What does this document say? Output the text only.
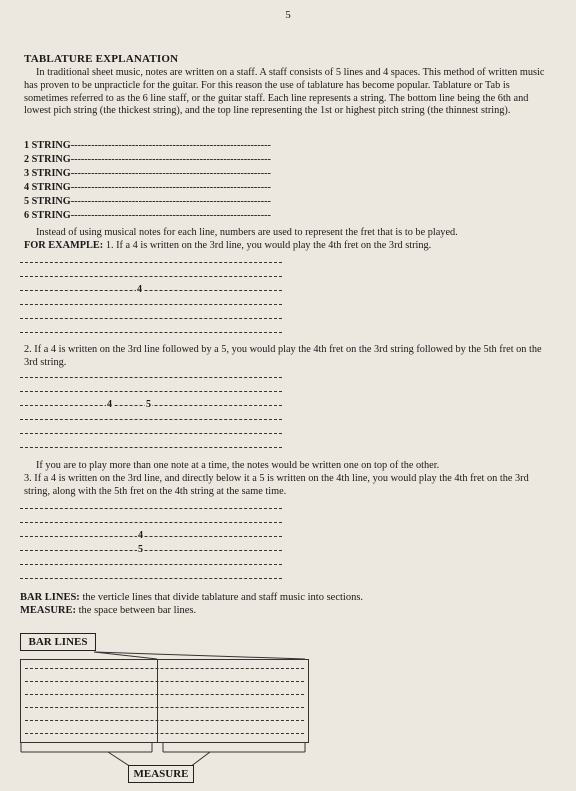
5
TABLATURE EXPLANATION

In traditional sheet music, notes are written on a staff. A staff consists of 5 lines and 4 spaces. This method of written music has proven to be unpracticle for the guitar. For this reason the use of tablature has become popular. Tablature or Tab is sometimes referred to as the 6 line staff, or the guitar staff. Each line represents a string. The bottom line being the 6th and lowest pich string (the thickest string), and the top line representing the 1st or highest pitch string (the thinnest string).

1 STRING-----------------------------------------------------------
2 STRING-----------------------------------------------------------
3 STRING-----------------------------------------------------------
4 STRING-----------------------------------------------------------
5 STRING-----------------------------------------------------------
6 STRING-----------------------------------------------------------

Instead of using musical notes for each line, numbers are used to represent the fret that is to be played.

FOR EXAMPLE: 1. If a 4 is written on the 3rd line, you would play the 4th fret on the 3rd string.

4

2. If a 4 is written on the 3rd line followed by a 5, you would play the 4th fret on the 3rd string followed by the 5th fret on the 3rd string.

4	5

If you are to play more than one note at a time, the notes would be written one on top of the other.

3. If a 4 is written on the 3rd line, and directly below it a 5 is written on the 4th line, you would play the 4th fret on the 3rd string, along with the 5th fret on the 4th string at the same time.

4
5
BAR LINES: the verticle lines that divide tablature and staff music into sections.
MEASURE: the space between bar lines.
BAR LINES
MEASURE
